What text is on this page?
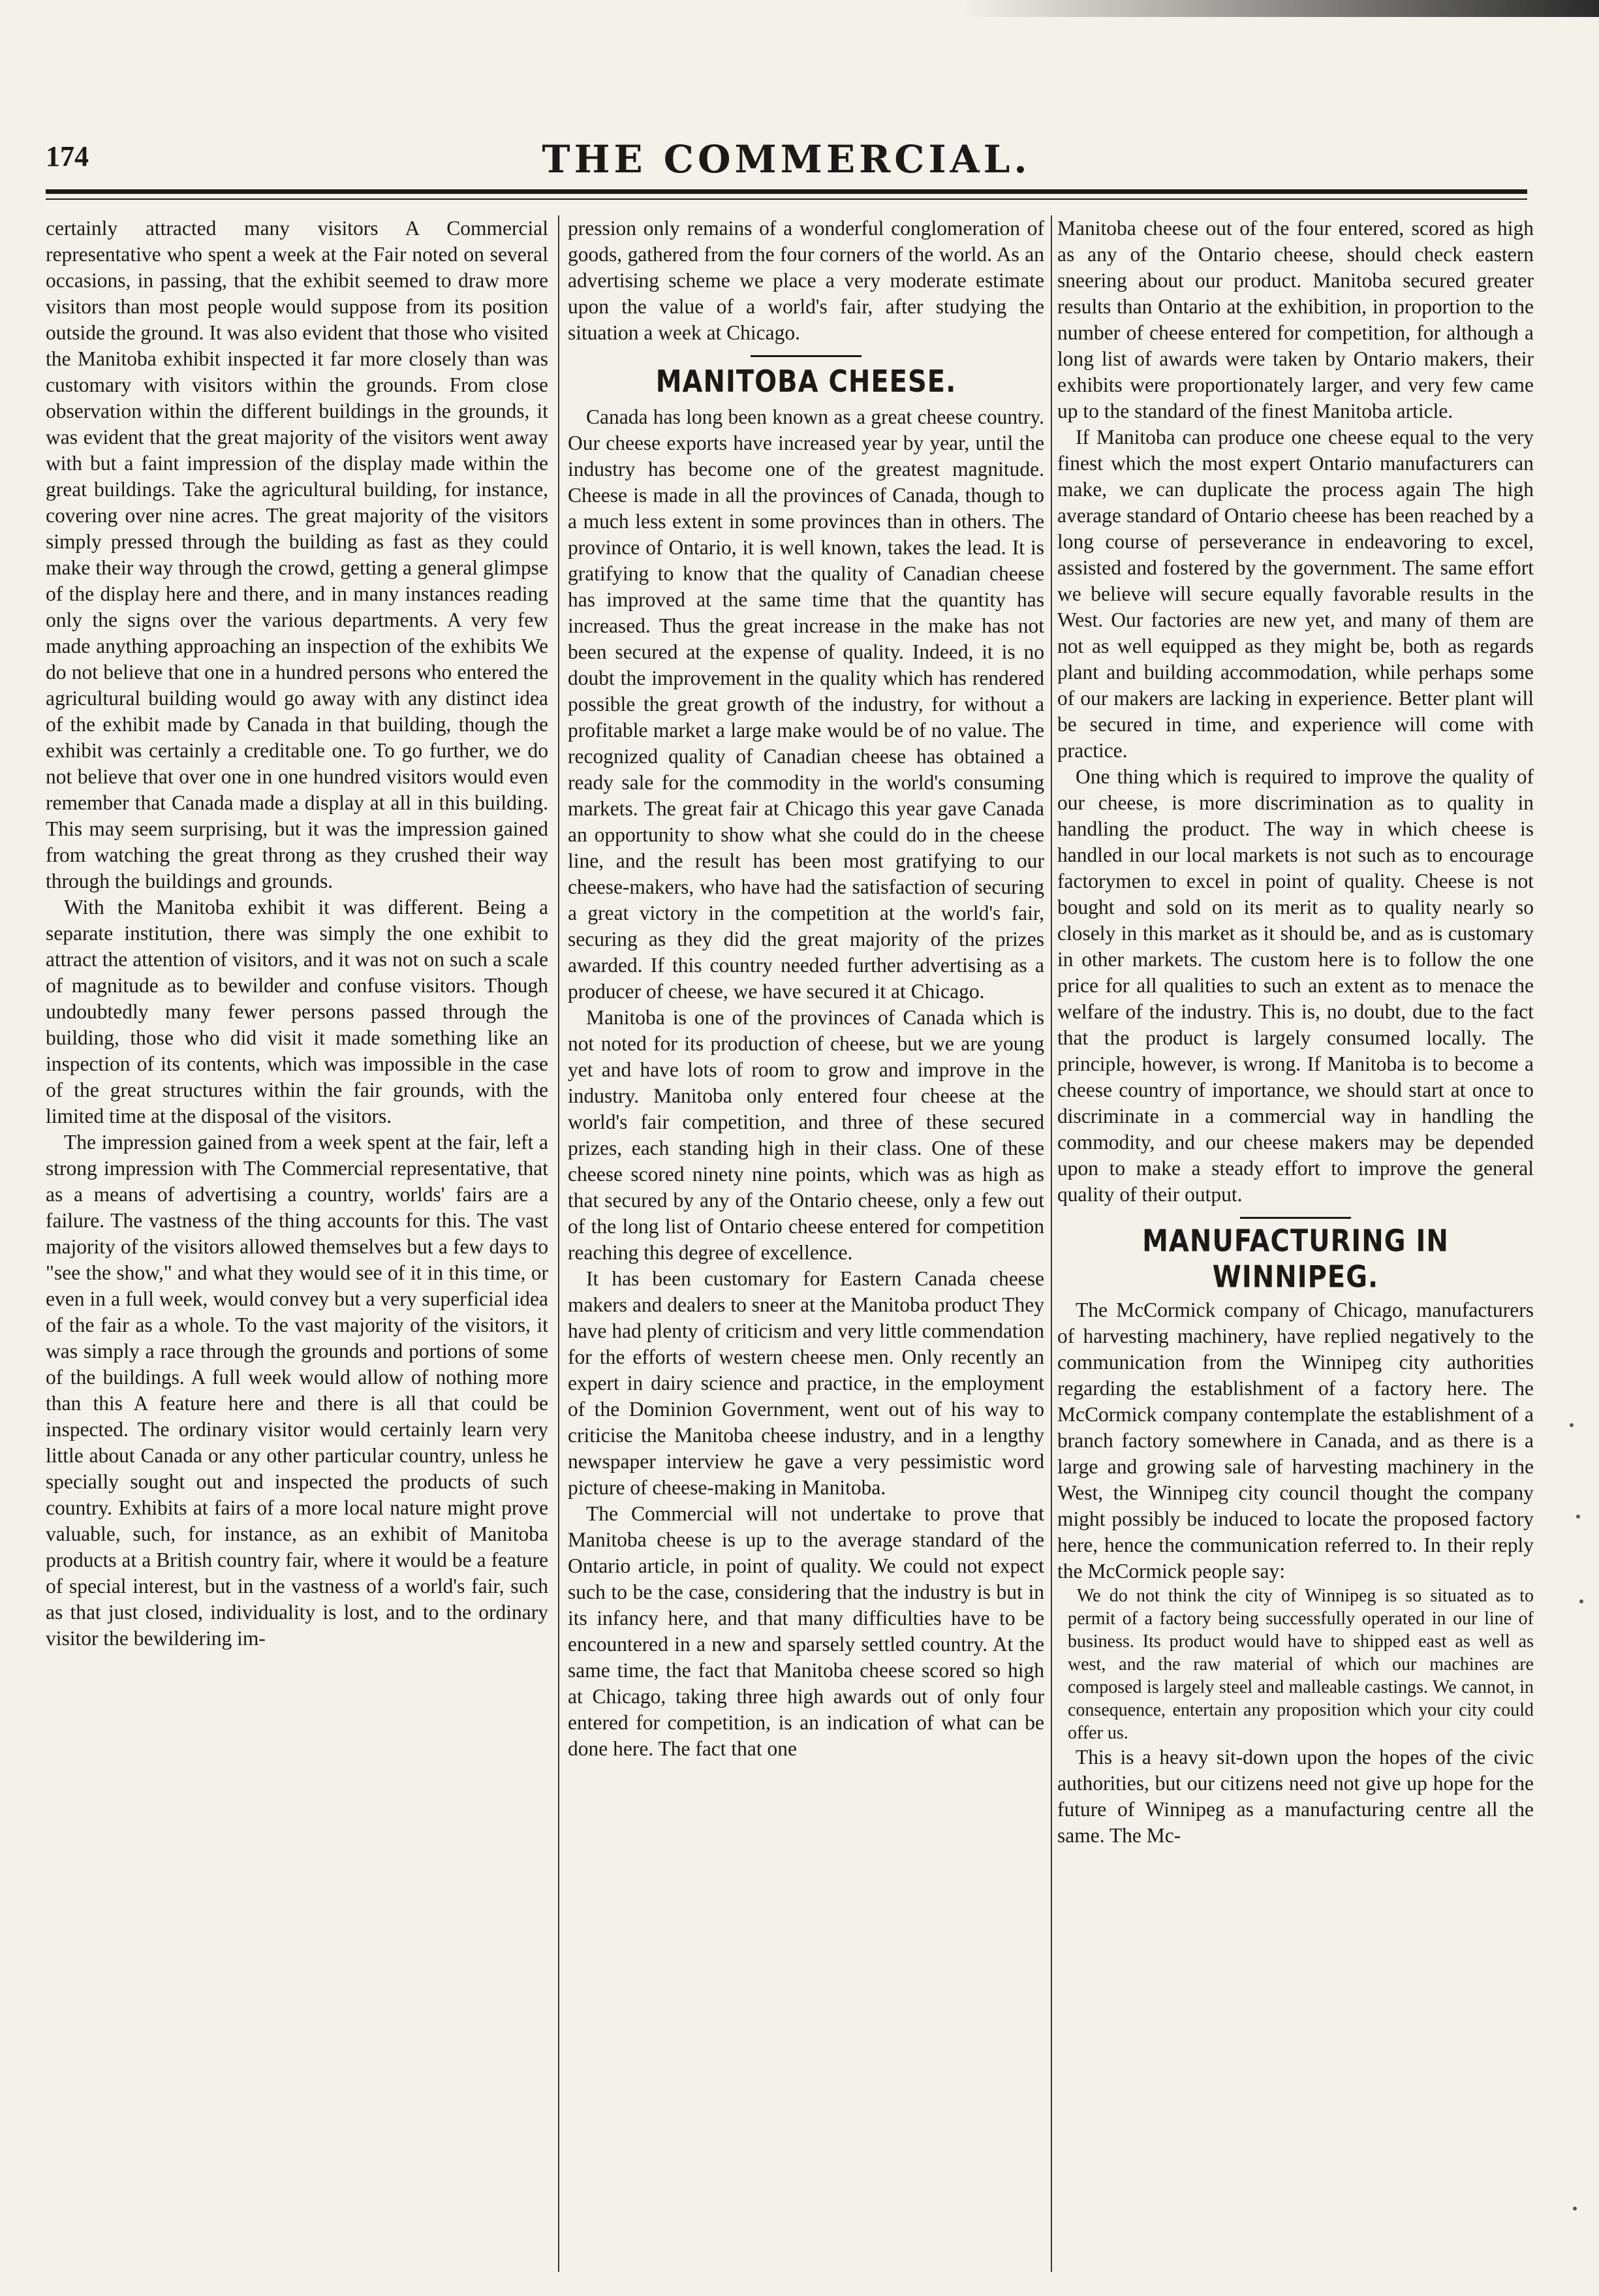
174	THE COMMERCIAL.

certainly attracted many visitors A Commercial representative who spent a week at the Fair noted on several occasions, in passing, that the exhibit seemed to draw more visitors than most people would suppose from its position outside the ground. It was also evident that those who visited the Manitoba exhibit inspected it far more closely than was customary with visitors within the grounds. From close observation within the different buildings in the grounds, it was evident that the great majority of the visitors went away with but a faint impression of the display made within the great buildings. Take the agricultural building, for instance, covering over nine acres. The great majority of the visitors simply pressed through the building as fast as they could make their way through the crowd, getting a general glimpse of the display here and there, and in many instances reading only the signs over the various departments. A very few made anything approaching an inspection of the exhibits We do not believe that one in a hundred persons who entered the agricultural building would go away with any distinct idea of the exhibit made by Canada in that building, though the exhibit was certainly a creditable one. To go further, we do not believe that over one in one hundred visitors would even remember that Canada made a display at all in this building. This may seem surprising, but it was the impression gained from watching the great throng as they crushed their way through the buildings and grounds.

With the Manitoba exhibit it was different. Being a separate institution, there was simply the one exhibit to attract the attention of visitors, and it was not on such a scale of magnitude as to bewilder and confuse visitors. Though undoubtedly many fewer persons passed through the building, those who did visit it made something like an inspection of its contents, which was impossible in the case of the great structures within the fair grounds, with the limited time at the disposal of the visitors.

The impression gained from a week spent at the fair, left a strong impression with The Commercial representative, that as a means of advertising a country, worlds' fairs are a failure. The vastness of the thing accounts for this. The vast majority of the visitors allowed themselves but a few days to "see the show," and what they would see of it in this time, or even in a full week, would convey but a very superficial idea of the fair as a whole. To the vast majority of the visitors, it was simply a race through the grounds and portions of some of the buildings. A full week would allow of nothing more than this A feature here and there is all that could be inspected. The ordinary visitor would certainly learn very little about Canada or any other particular country, unless he specially sought out and inspected the products of such country. Exhibits at fairs of a more local nature might prove valuable, such, for instance, as an exhibit of Manitoba products at a British country fair, where it would be a feature of special interest, but in the vastness of a world's fair, such as that just closed, individuality is lost, and to the ordinary visitor the bewildering im-

pression only remains of a wonderful conglomeration of goods, gathered from the four corners of the world. As an advertising scheme we place a very moderate estimate upon the value of a world's fair, after studying the situation a week at Chicago.

MANITOBA CHEESE.

Canada has long been known as a great cheese country. Our cheese exports have increased year by year, until the industry has become one of the greatest magnitude. Cheese is made in all the provinces of Canada, though to a much less extent in some provinces than in others. The province of Ontario, it is well known, takes the lead. It is gratifying to know that the quality of Canadian cheese has improved at the same time that the quantity has increased. Thus the great increase in the make has not been secured at the expense of quality. Indeed, it is no doubt the improvement in the quality which has rendered possible the great growth of the industry, for without a profitable market a large make would be of no value. The recognized quality of Canadian cheese has obtained a ready sale for the commodity in the world's consuming markets. The great fair at Chicago this year gave Canada an opportunity to show what she could do in the cheese line, and the result has been most gratifying to our cheese-makers, who have had the satisfaction of securing a great victory in the competition at the world's fair, securing as they did the great majority of the prizes awarded. If this country needed further advertising as a producer of cheese, we have secured it at Chicago.

Manitoba is one of the provinces of Canada which is not noted for its production of cheese, but we are young yet and have lots of room to grow and improve in the industry. Manitoba only entered four cheese at the world's fair competition, and three of these secured prizes, each standing high in their class. One of these cheese scored ninety nine points, which was as high as that secured by any of the Ontario cheese, only a few out of the long list of Ontario cheese entered for competition reaching this degree of excellence.

It has been customary for Eastern Canada cheese makers and dealers to sneer at the Manitoba product They have had plenty of criticism and very little commendation for the efforts of western cheese men. Only recently an expert in dairy science and practice, in the employment of the Dominion Government, went out of his way to criticise the Manitoba cheese industry, and in a lengthy newspaper interview he gave a very pessimistic word picture of cheese-making in Manitoba.

The Commercial will not undertake to prove that Manitoba cheese is up to the average standard of the Ontario article, in point of quality. We could not expect such to be the case, considering that the industry is but in its infancy here, and that many difficulties have to be encountered in a new and sparsely settled country. At the same time, the fact that Manitoba cheese scored so high at Chicago, taking three high awards out of only four entered for competition, is an indication of what can be done here. The fact that one

Manitoba cheese out of the four entered, scored as high as any of the Ontario cheese, should check eastern sneering about our product. Manitoba secured greater results than Ontario at the exhibition, in proportion to the number of cheese entered for competition, for although a long list of awards were taken by Ontario makers, their exhibits were proportionately larger, and very few came up to the standard of the finest Manitoba article.

If Manitoba can produce one cheese equal to the very finest which the most expert Ontario manufacturers can make, we can duplicate the process again The high average standard of Ontario cheese has been reached by a long course of perseverance in endeavoring to excel, assisted and fostered by the government. The same effort we believe will secure equally favorable results in the West. Our factories are new yet, and many of them are not as well equipped as they might be, both as regards plant and building accommodation, while perhaps some of our makers are lacking in experience. Better plant will be secured in time, and experience will come with practice.

One thing which is required to improve the quality of our cheese, is more discrimination as to quality in handling the product. The way in which cheese is handled in our local markets is not such as to encourage factorymen to excel in point of quality. Cheese is not bought and sold on its merit as to quality nearly so closely in this market as it should be, and as is customary in other markets. The custom here is to follow the one price for all qualities to such an extent as to menace the welfare of the industry. This is, no doubt, due to the fact that the product is largely consumed locally. The principle, however, is wrong. If Manitoba is to become a cheese country of importance, we should start at once to discriminate in a commercial way in handling the commodity, and our cheese makers may be depended upon to make a steady effort to improve the general quality of their output.

MANUFACTURING IN WINNIPEG.

The McCormick company of Chicago, manufacturers of harvesting machinery, have replied negatively to the communication from the Winnipeg city authorities regarding the establishment of a factory here. The McCormick company contemplate the establishment of a branch factory somewhere in Canada, and as there is a large and growing sale of harvesting machinery in the West, the Winnipeg city council thought the company might possibly be induced to locate the proposed factory here, hence the communication referred to. In their reply the McCormick people say:

We do not think the city of Winnipeg is so situated as to permit of a factory being successfully operated in our line of business. Its product would have to shipped east as well as west, and the raw material of which our machines are composed is largely steel and malleable castings. We cannot, in consequence, entertain any proposition which your city could offer us.

This is a heavy sit-down upon the hopes of the civic authorities, but our citizens need not give up hope for the future of Winnipeg as a manufacturing centre all the same. The Mc-
